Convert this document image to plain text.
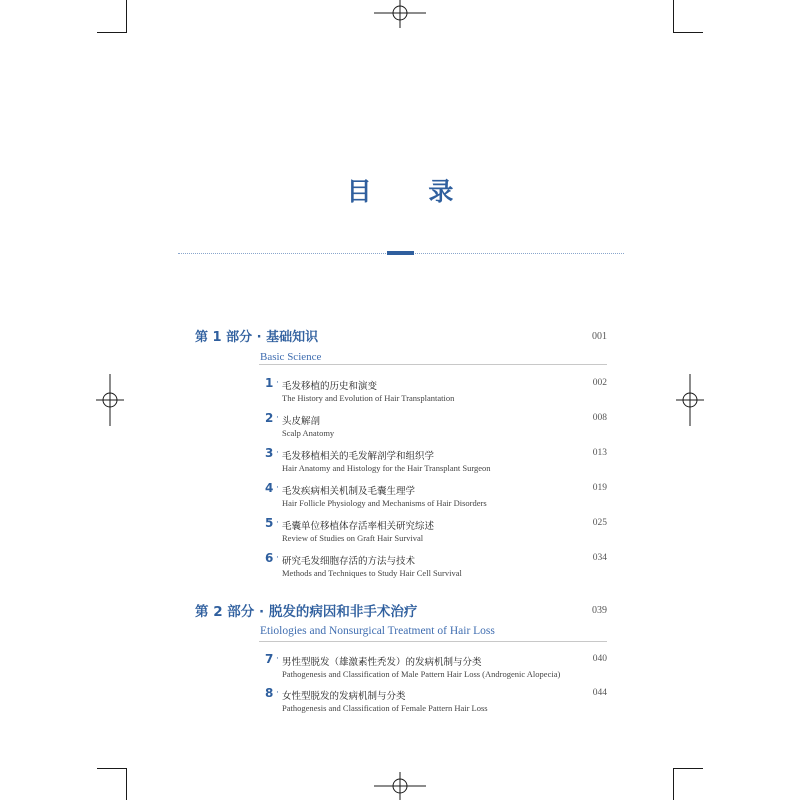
目 录
第 1 部分 · 基础知识
Basic Science
001
1 · 毛发移植的历史和演变
The History and Evolution of Hair Transplantation
002
2 · 头皮解剖
Scalp Anatomy
008
3 · 毛发移植相关的毛发解剖学和组织学
Hair Anatomy and Histology for the Hair Transplant Surgeon
013
4 · 毛发疾病相关机制及毛囊生理学
Hair Follicle Physiology and Mechanisms of Hair Disorders
019
5 · 毛囊单位移植体存活率相关研究综述
Review of Studies on Graft Hair Survival
025
6 · 研究毛发细胞存活的方法与技术
Methods and Techniques to Study Hair Cell Survival
034
第 2 部分 · 脱发的病因和非手术治疗
Etiologies and Nonsurgical Treatment of Hair Loss
039
7 · 男性型脱发（雄激素性秃发）的发病机制与分类
Pathogenesis and Classification of Male Pattern Hair Loss (Androgenic Alopecia)
040
8 · 女性型脱发的发病机制与分类
Pathogenesis and Classification of Female Pattern Hair Loss
044
